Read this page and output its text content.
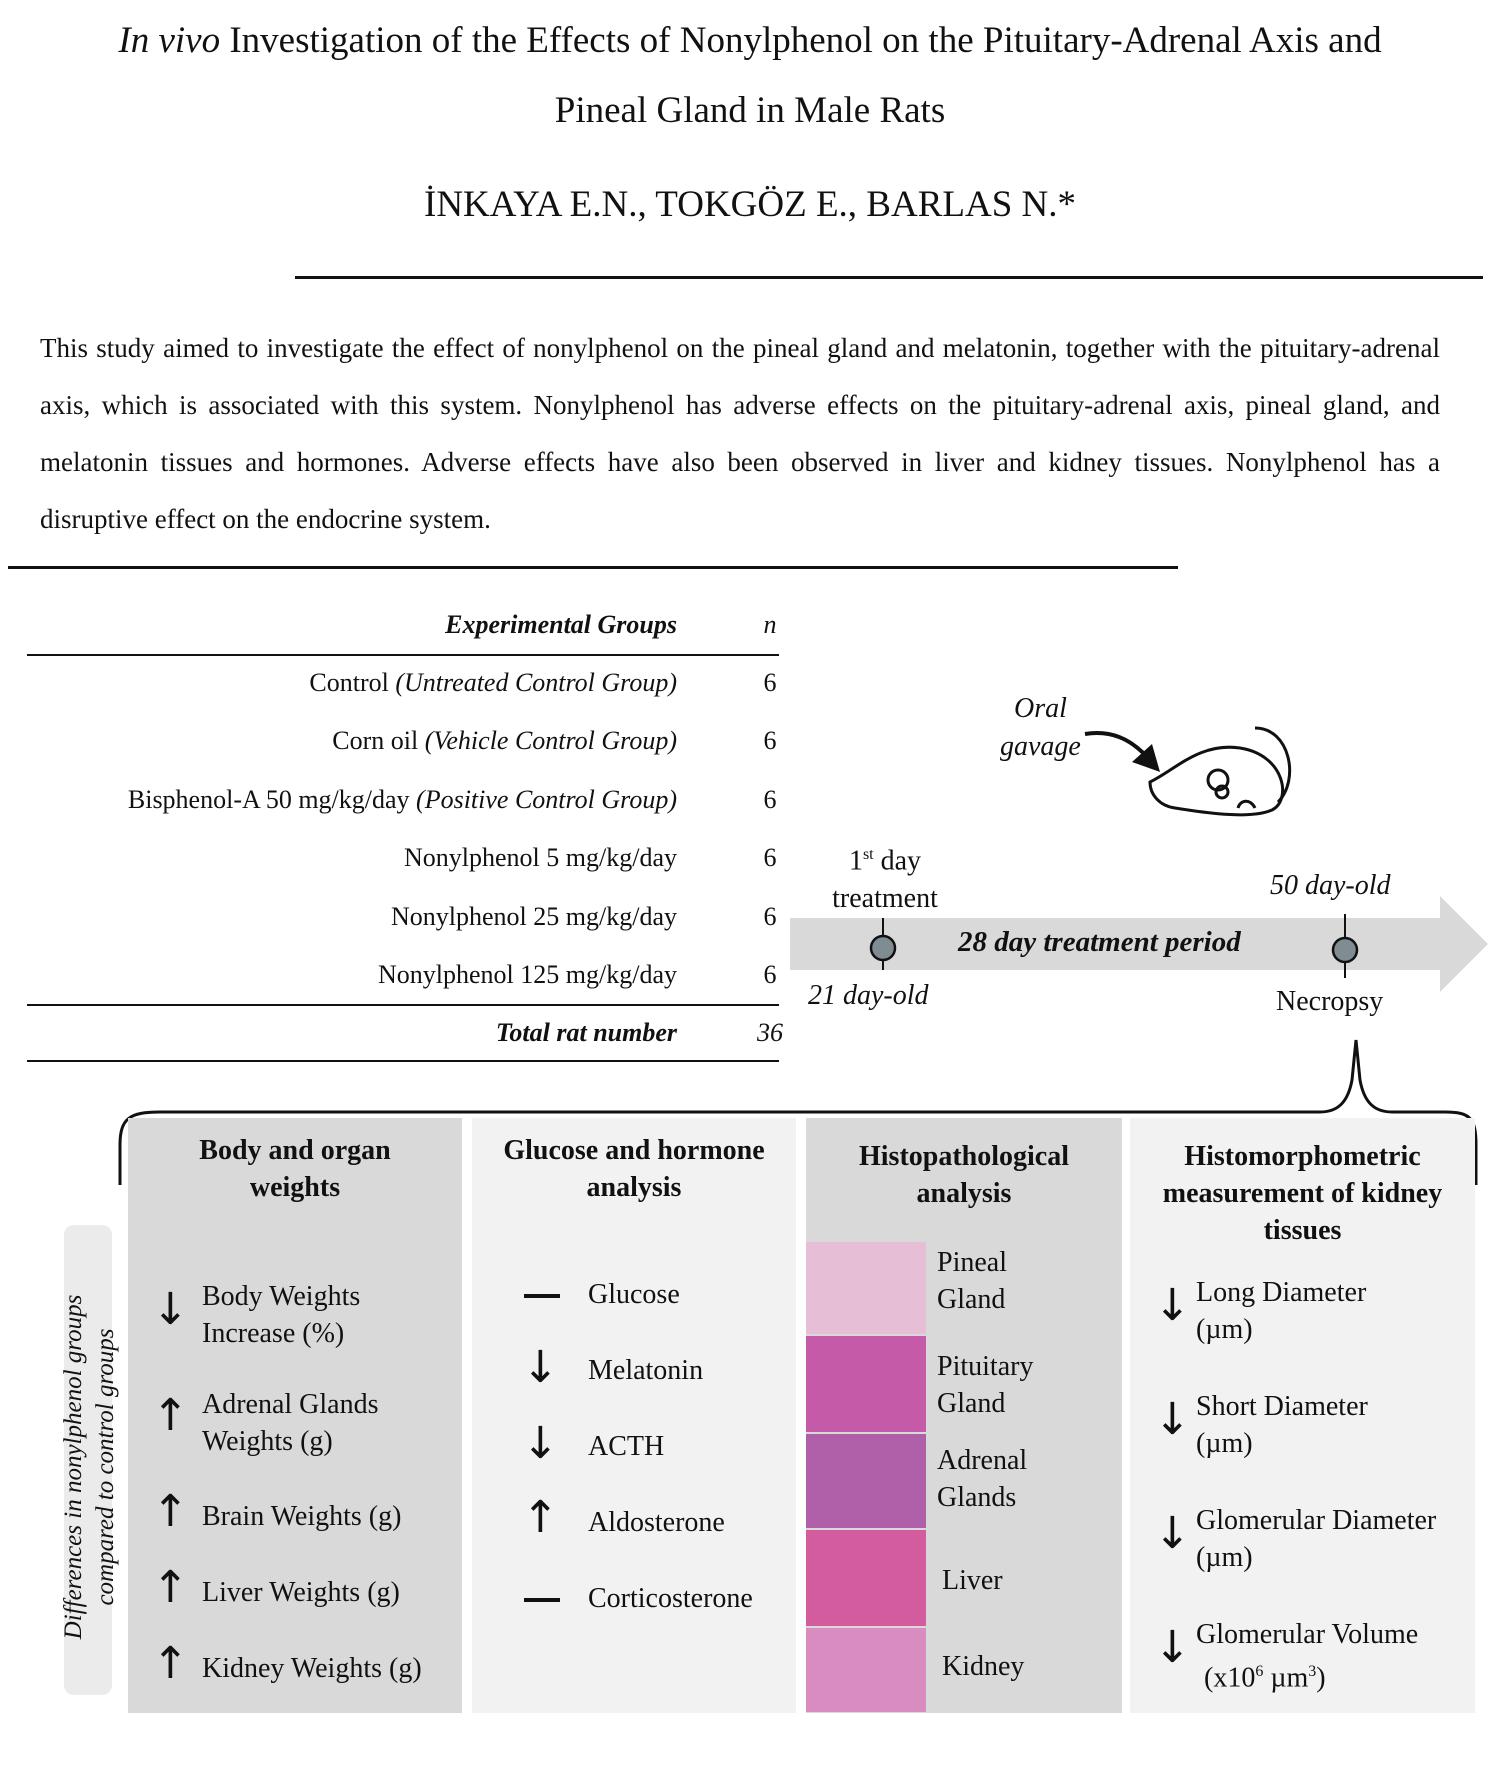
In vivo Investigation of the Effects of Nonylphenol on the Pituitary-Adrenal Axis and
Pineal Gland in Male Rats
İNKAYA E.N., TOKGÖZ E., BARLAS N.*
This study aimed to investigate the effect of nonylphenol on the pineal gland and melatonin, together with the pituitary-adrenal axis, which is associated with this system. Nonylphenol has adverse effects on the pituitary-adrenal axis, pineal gland, and melatonin tissues and hormones. Adverse effects have also been observed in liver and kidney tissues. Nonylphenol has a disruptive effect on the endocrine system.
Experimental Groups	n
Control (Untreated Control Group)	6
Corn oil (Vehicle Control Group)	6
Bisphenol-A 50 mg/kg/day (Positive Control Group)	6
Nonylphenol 5 mg/kg/day	6
Nonylphenol 25 mg/kg/day	6
Nonylphenol 125 mg/kg/day	6
Total rat number	36
Oral
gavage
1st day
treatment
21 day-old
28 day treatment period
50 day-old
Necropsy
Differences in nonylphenol groups compared to control groups
Body and organ
weights
↓ Body Weights
Increase (%)
↑ Adrenal Glands
Weights (g)
↑ Brain Weights (g)
↑ Liver Weights (g)
↑ Kidney Weights (g)
Glucose and hormone
analysis
Glucose
↓ Melatonin
↓ ACTH
↑ Aldosterone
Corticosterone
Histopathological
analysis
Pineal
Gland
Pituitary
Gland
Adrenal
Glands
Liver
Kidney
Histomorphometric
measurement of kidney
tissues
↓ Long Diameter
(µm)
↓ Short Diameter
(µm)
↓ Glomerular Diameter
(µm)
↓ Glomerular Volume
($x10^6$ µm$^3$)
